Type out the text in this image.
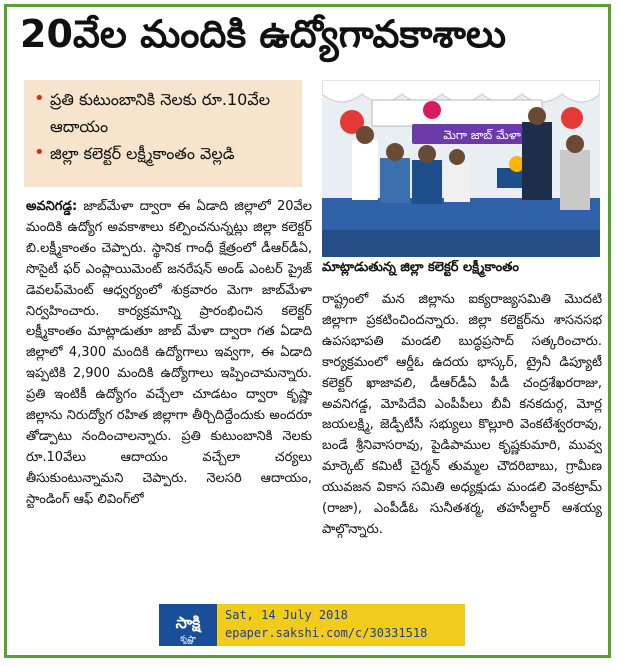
20వేల మందికి ఉద్యోగావకాశాలు
• ప్రతి కుటుంబానికి నెలకు రూ.10వేల ఆదాయం
• జిల్లా కలెక్టర్‌ లక్ష్మీకాంతం వెల్లడి
మెగా జాబ్‌ మేళా
మాట్లాడుతున్న జిల్లా కలెక్టర్‌ లక్ష్మీకాంతం

అవనిగడ్డ: జాబ్‌మేళా ద్వారా ఈ ఏడాది జిల్లాలో 20వేల మందికి ఉద్యోగ అవకాశాలు కల్పించనున్నట్లు జిల్లా కలెక్టర్‌ బి.లక్ష్మీకాంతం చెప్పారు. స్థానిక గాంధీ క్షేత్రంలో డీఆర్‌డీఏ, సొసైటీ ఫర్‌ ఎంప్లాయిమెంట్‌ జనరేషన్‌ అండ్‌ ఎంటర్‌ ప్రైజ్‌ డెవలప్‌మెంట్‌ ఆధ్వర్యంలో శుక్రవారం మెగా జాబ్‌మేళా నిర్వహించారు. కార్యక్రమాన్ని ప్రారంభించిన కలెక్టర్‌ లక్ష్మీకాంతం మాట్లాడుతూ జాబ్‌ మేళా ద్వారా గత ఏడాది జిల్లాలో 4,300 మందికి ఉద్యోగాలు ఇవ్వగా, ఈ ఏడాది ఇప్పటికి 2,900 మందికి ఉద్యోగాలు ఇప్పించామన్నారు. ప్రతి ఇంటికీ ఉద్యోగం వచ్చేలా చూడటం ద్వారా కృష్ణా జిల్లాను నిరుద్యోగ రహిత జిల్లాగా తీర్చిదిద్దేందుకు అందరూ తోడ్పాటు నందించాలన్నారు. ప్రతి కుటుంబానికి నెలకు రూ.10వేలు ఆదాయం వచ్చేలా చర్యలు తీసుకుంటున్నామని చెప్పారు. నెలసరి ఆదాయం, స్టాండింగ్‌ ఆఫ్‌ లివింగ్‌లో

రాష్ట్రంలో మన జిల్లాను ఐక్యరాజ్యసమితి మొదటి జిల్లాగా ప్రకటించిందన్నారు. జిల్లా కలెక్టర్‌ను శాసనసభ ఉపసభాపతి మండలి బుద్ధప్రసాద్‌ సత్కరించారు. కార్యక్రమంలో ఆర్డీఓ ఉదయ భాస్కర్‌, ట్రైనీ డిప్యూటీ కలెక్టర్‌ ఖాజావలి, డీఆర్‌డీఏ పీడీ చంద్రశేఖరరాజు, అవనిగడ్డ, మోపిదేవి ఎంపీపీలు బీవీ కనకదుర్గ, మోర్ల జయలక్ష్మి, జెడ్పీటీసీ సభ్యులు కొల్లూరి వెంకటేశ్వరరావు, బండే శ్రీనివాసరావు, పైడిపాముల కృష్ణకుమారి, మువ్వ మార్కెట్‌ కమిటీ చైర్మన్‌ తుమ్మల చౌదరిబాబు, గ్రామీణ యువజన వికాస సమితి అధ్యక్షుడు మండలి వెంకట్రామ్‌ (రాజా), ఎంపీడీఓ సునీతశర్మ, తహసీల్దార్‌ ఆశయ్య పాల్గొన్నారు.

సాక్షి
కృష్ణా
Sat, 14 July 2018
epaper.sakshi.com/c/30331518
